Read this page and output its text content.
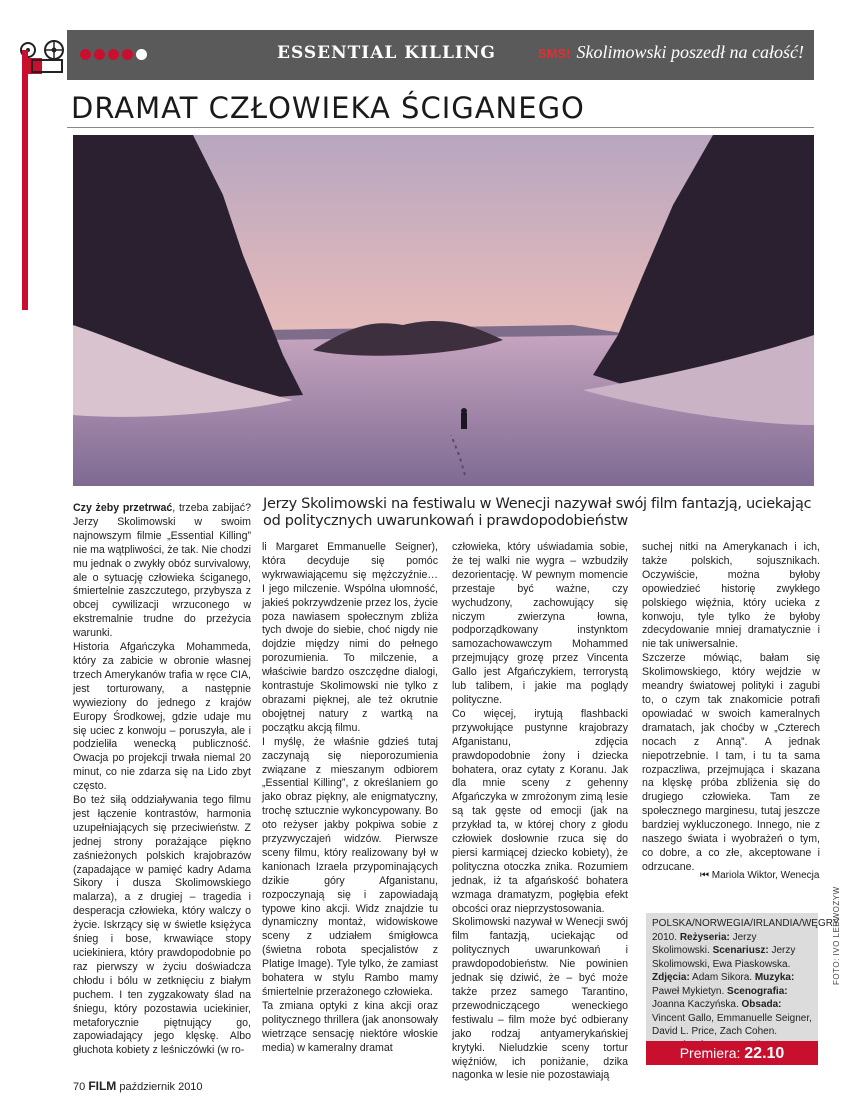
ESSENTIAL KILLING	SMS! Skolimowski poszedł na całość!
DRAMAT CZŁOWIEKA ŚCIGANEGO
Jerzy Skolimowski na festiwalu w Wenecji nazywał swój film fantazją, uciekając od politycznych uwarunkowań i prawdopodobieństw

Czy żeby przetrwać, trzeba zabijać? Jerzy Skolimowski w swoim najnowszym filmie „Essential Killing” nie ma wątpliwości, że tak. Nie chodzi mu jednak o zwykły obóz survivalowy, ale o sytuację człowieka ściganego, śmiertelnie zaszczutego, przybysza z obcej cywilizacji wrzuconego w ekstremalnie trudne do przeżycia warunki.

Historia Afgańczyka Mohammeda, który za zabicie w obronie własnej trzech Amerykanów trafia w ręce CIA, jest torturowany, a następnie wywieziony do jednego z krajów Europy Środkowej, gdzie udaje mu się uciec z konwoju – poruszyła, ale i podzieliła wenecką publiczność. Owacja po projekcji trwała niemal 20 minut, co nie zdarza się na Lido zbyt często.

Bo też siłą oddziaływania tego filmu jest łączenie kontrastów, harmonia uzupełniających się przeciwieństw. Z jednej strony porażające piękno zaśnieżonych polskich krajobrazów (zapadające w pamięć kadry Adama Sikory i dusza Skolimowskiego malarza), a z drugiej – tragedia i desperacja człowieka, który walczy o życie. Iskrzący się w świetle księżyca śnieg i bose, krwawiące stopy uciekiniera, który prawdopodobnie po raz pierwszy w życiu doświadcza chłodu i bólu w zetknięciu z białym puchem. I ten zygzakowaty ślad na śniegu, który pozostawia uciekinier, metaforycznie piętnujący go, zapowiadający jego klęskę. Albo głuchota kobiety z leśniczówki (w ro-

li Margaret Emmanuelle Seigner), która decyduje się pomóc wykrwawiającemu się mężczyźnie… I jego milczenie. Wspólna ułomność, jakieś pokrzywdzenie przez los, życie poza nawiasem społecznym zbliża tych dwoje do siebie, choć nigdy nie dojdzie między nimi do pełnego porozumienia. To milczenie, a właściwie bardzo oszczędne dialogi, kontrastuje Skolimowski nie tylko z obrazami pięknej, ale też okrutnie obojętnej natury z wartką na początku akcją filmu.

I myślę, że właśnie gdzieś tutaj zaczynają się nieporozumienia związane z mieszanym odbiorem „Essential Killing”, z określaniem go jako obraz piękny, ale enigmatyczny, trochę sztucznie wykoncypowany. Bo oto reżyser jakby pokpiwa sobie z przyzwyczajeń widzów. Pierwsze sceny filmu, który realizowany był w kanionach Izraela przypominających dzikie góry Afganistanu, rozpoczynają się i zapowiadają typowe kino akcji. Widz znajdzie tu dynamiczny montaż, widowiskowe sceny z udziałem śmigłowca (świetna robota specjalistów z Platige Image). Tyle tylko, że zamiast bohatera w stylu Rambo mamy śmiertelnie przerażonego człowieka.

Ta zmiana optyki z kina akcji oraz politycznego thrillera (jak anonsowały wietrzące sensację niektóre włoskie media) w kameralny dramat

człowieka, który uświadamia sobie, że tej walki nie wygra – wzbudziły dezorientację. W pewnym momencie przestaje być ważne, czy wychudzony, zachowujący się niczym zwierzyna łowna, podporządkowany instynktom samozachowawczym Mohammed przejmujący grozę przez Vincenta Gallo jest Afgańczykiem, terrorystą lub talibem, i jakie ma poglądy polityczne.

Co więcej, irytują flashbacki przywołujące pustynne krajobrazy Afganistanu, zdjęcia prawdopodobnie żony i dziecka bohatera, oraz cytaty z Koranu. Jak dla mnie sceny z gehenny Afgańczyka w zmrożonym zimą lesie są tak gęste od emocji (jak na przykład ta, w której chory z głodu człowiek dosłownie rzuca się do piersi karmiącej dziecko kobiety), że polityczna otoczka znika. Rozumiem jednak, iż ta afgańskość bohatera wzmaga dramatyzm, pogłębia efekt obcości oraz nieprzystosowania.

Skolimowski nazywał w Wenecji swój film fantazją, uciekając od politycznych uwarunkowań i prawdopodobieństw. Nie powinien jednak się dziwić, że – być może także przez samego Tarantino, przewodniczącego weneckiego festiwalu – film może być odbierany jako rodzaj antyamerykańskiej krytyki. Nieludzkie sceny tortur więźniów, ich poniżanie, dzika nagonka w lesie nie pozostawiają

suchej nitki na Amerykanach i ich, także polskich, sojusznikach. Oczywiście, można byłoby opowiedzieć historię zwykłego polskiego więźnia, który ucieka z konwoju, tyle tylko że byłoby zdecydowanie mniej dramatycznie i nie tak uniwersalnie.

Szczerze mówiąc, bałam się Skolimowskiego, który wejdzie w meandry światowej polityki i zagubi to, o czym tak znakomicie potrafi opowiadać w swoich kameralnych dramatach, jak choćby w „Czterech nocach z Anną”. A jednak niepotrzebnie. I tam, i tu ta sama rozpaczliwa, przejmująca i skazana na klęskę próba zbliżenia się do drugiego człowieka. Tam ze społecznego marginesu, tutaj jeszcze bardziej wykluczonego. Innego, nie z naszego świata i wyobrażeń o tym, co dobre, a co złe, akceptowane i odrzucane.

⏮ Mariola Wiktor, Wenecja
POLSKA/NORWEGIA/IRLANDIA/WĘGRY 2010. Reżyseria: Jerzy Skolimowski. Scenariusz: Jerzy Skolimowski, Ewa Piaskowska. Zdjęcia: Adam Sikora. Muzyka: Paweł Mykietyn. Scenografia: Joanna Kaczyńska. Obsada: Vincent Gallo, Emmanuelle Seigner, David L. Price, Zach Cohen.
Premiera: 22.10
FOTO: IVO LEDWOZYW
70 FILM październik 2010
